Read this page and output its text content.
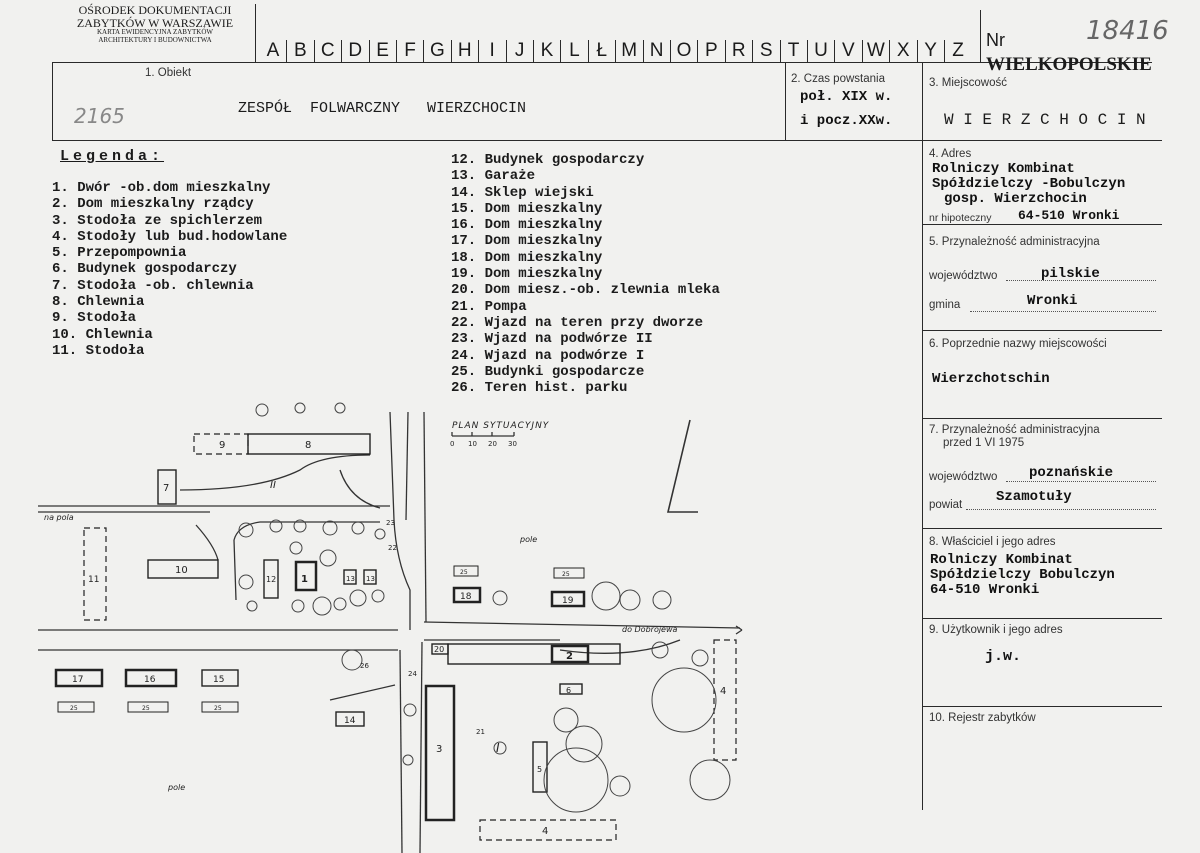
OŚRODEK DOKUMENTACJI
ZABYTKÓW W WARSZAWIE
KARTA EWIDENCYJNA ZABYTKÓW
ARCHITEKTURY I BUDOWNICTWA
A B C D E F G H I	J K L Ł M N O P R S T U V W X Y Z Nr	18416
WIELKOPOLSKIE
1. Obiekt
2165	ZESPÓŁ  FOLWARCZNY   WIERZCHOCIN
2. Czas powstania
poł. XIX w.
i pocz.XXw.
3. Miejscowość
W I E R Z C H O C I N
4. Adres
Rolniczy Kombinat
Spółdzielczy -Bobulczyn
gosp. Wierzchocin
nr hipoteczny 64-510 Wronki
5. Przynależność administracyjna
województwo	pilskie
gmina	Wronki
6. Poprzednie nazwy miejscowości
Wierzchotschin
7. Przynależność administracyjna
przed 1 VI 1975
województwo poznańskie
powiat Szamotuły
8. Właściciel i jego adres
Rolniczy Kombinat
Spółdzielczy Bobulczyn
64-510 Wronki
9. Użytkownik i jego adres
j.w.
10. Rejestr zabytków
Legenda:
1. Dwór -ob.dom mieszkalny
2. Dom mieszkalny rządcy
3. Stodoła ze spichlerzem
4. Stodoły lub bud.hodowlane
5. Przepompownia
6. Budynek gospodarczy
7. Stodoła -ob. chlewnia
8. Chlewnia
9. Stodoła
10. Chlewnia
11. Stodoła
12. Budynek gospodarczy
13. Garaże
14. Sklep wiejski
15. Dom mieszkalny
16. Dom mieszkalny
17. Dom mieszkalny
18. Dom mieszkalny
19. Dom mieszkalny
20. Dom miesz.-ob. zlewnia mleka
21. Pompa
22. Wjazd na teren przy dworze
23. Wjazd na podwórze II
24. Wjazd na podwórze I
25. Budynki gospodarcze
26. Teren hist. parku
PLAN SYTUACYJNY
0 10 20 30
na pola
do Dobrojewa
pole
pole
I
II
1
2
3
4
4
5
6
7
8
9
10
11	12	13 13
14
15
16
17
18	19
20
21
22
23
24
25	25	25
25	25
26
